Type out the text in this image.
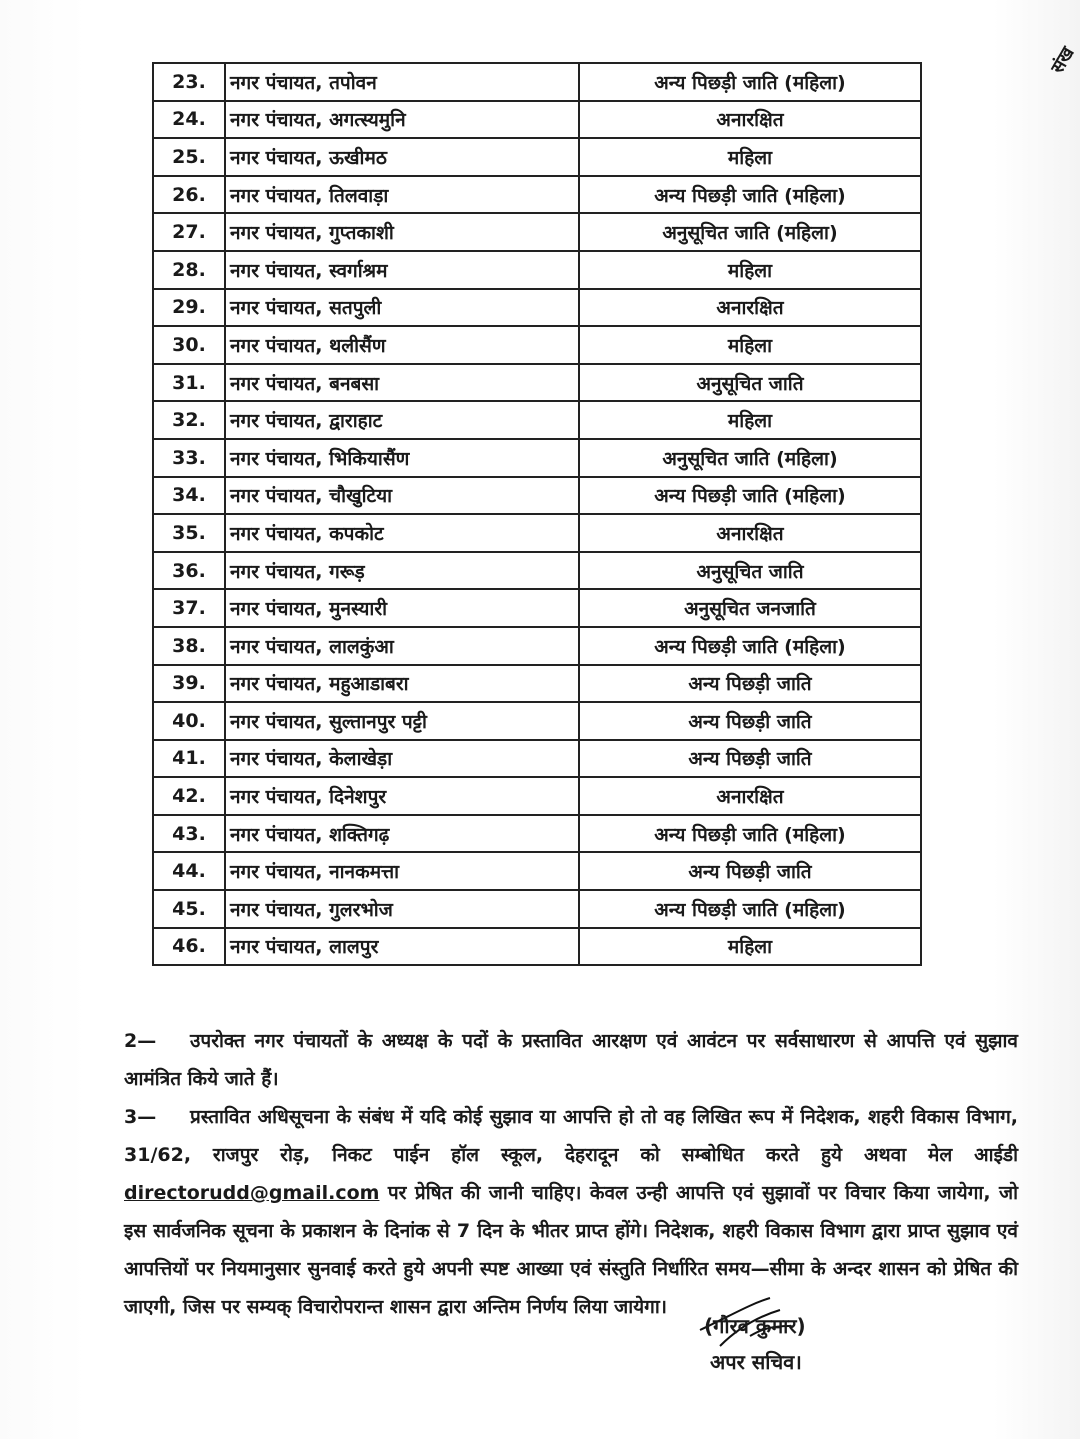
संख
23.	नगर पंचायत, तपोवन	अन्य पिछड़ी जाति (महिला)
24.	नगर पंचायत, अगत्स्यमुनि	अनारक्षित
25.	नगर पंचायत, ऊखीमठ	महिला
26.	नगर पंचायत, तिलवाड़ा	अन्य पिछड़ी जाति (महिला)
27.	नगर पंचायत, गुप्तकाशी	अनुसूचित जाति (महिला)
28.	नगर पंचायत, स्वर्गाश्रम	महिला
29.	नगर पंचायत, सतपुली	अनारक्षित
30.	नगर पंचायत, थलीसैंण	महिला
31.	नगर पंचायत, बनबसा	अनुसूचित जाति
32.	नगर पंचायत, द्वाराहाट	महिला
33.	नगर पंचायत, भिकियासैंण	अनुसूचित जाति (महिला)
34.	नगर पंचायत, चौखुटिया	अन्य पिछड़ी जाति (महिला)
35.	नगर पंचायत, कपकोट	अनारक्षित
36.	नगर पंचायत, गरूड़	अनुसूचित जाति
37.	नगर पंचायत, मुनस्यारी	अनुसूचित जनजाति
38.	नगर पंचायत, लालकुंआ	अन्य पिछड़ी जाति (महिला)
39.	नगर पंचायत, महुआडाबरा	अन्य पिछड़ी जाति
40.	नगर पंचायत, सुल्तानपुर पट्टी	अन्य पिछड़ी जाति
41.	नगर पंचायत, केलाखेड़ा	अन्य पिछड़ी जाति
42.	नगर पंचायत, दिनेशपुर	अनारक्षित
43.	नगर पंचायत, शक्तिगढ़	अन्य पिछड़ी जाति (महिला)
44.	नगर पंचायत, नानकमत्ता	अन्य पिछड़ी जाति
45.	नगर पंचायत, गुलरभोज	अन्य पिछड़ी जाति (महिला)
46.	नगर पंचायत, लालपुर	महिला
2— उपरोक्त नगर पंचायतों के अध्यक्ष के पदों के प्रस्तावित आरक्षण एवं आवंटन पर सर्वसाधारण से आपत्ति एवं सुझाव आमंत्रित किये जाते हैं।
3— प्रस्तावित अधिसूचना के संबंध में यदि कोई सुझाव या आपत्ति हो तो वह लिखित रूप में निदेशक, शहरी विकास विभाग, 31/62, राजपुर रोड़, निकट पाईन हॉल स्कूल, देहरादून को सम्बोधित करते हुये अथवा मेल आईडी directorudd@gmail.com पर प्रेषित की जानी चाहिए। केवल उन्ही आपत्ति एवं सुझावों पर विचार किया जायेगा, जो इस सार्वजनिक सूचना के प्रकाशन के दिनांक से 7 दिन के भीतर प्राप्त होंगे। निदेशक, शहरी विकास विभाग द्वारा प्राप्त सुझाव एवं आपत्तियों पर नियमानुसार सुनवाई करते हुये अपनी स्पष्ट आख्या एवं संस्तुति निर्धारित समय—सीमा के अन्दर शासन को प्रेषित की जाएगी, जिस पर सम्यक् विचारोपरान्त शासन द्वारा अन्तिम निर्णय लिया जायेगा।
(गौरव कुमार)
अपर सचिव।
